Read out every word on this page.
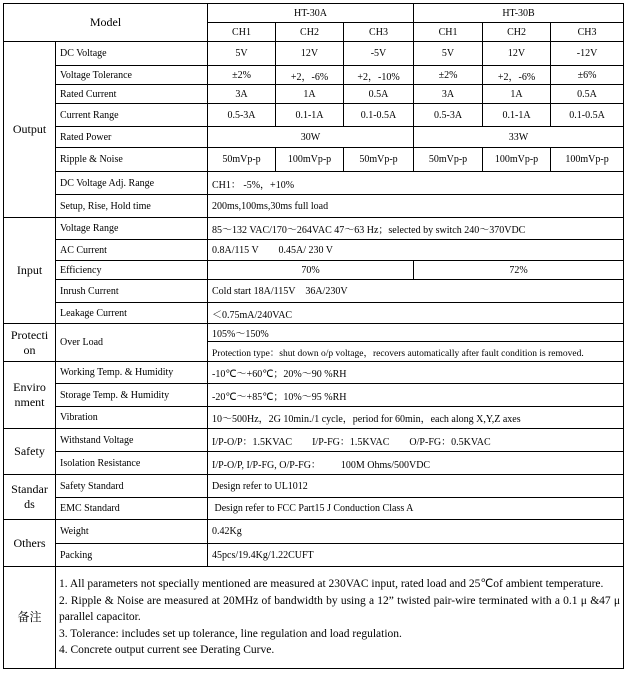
Model		HT-30A			HT-30B		
		CH1	CH2	CH3	CH1	CH2	CH3
Output	DC Voltage	5V	12V	-5V	5V	12V	-12V
	Voltage Tolerance	±2%	+2，-6%	+2，-10%	±2%	+2，-6%	±6%
	Rated Current	3A	1A	0.5A	3A	1A	0.5A
	Current Range	0.5-3A	0.1-1A	0.1-0.5A	0.5-3A	0.1-1A	0.1-0.5A
	Rated Power	30W			33W		
	Ripple & Noise	50mVp-p	100mVp-p	50mVp-p	50mVp-p	100mVp-p	100mVp-p
	DC Voltage Adj. Range	CH1： -5%，+10%					
	Setup, Rise, Hold time	200ms,100ms,30ms full load					
Input	Voltage Range	85～132 VAC/170～264VAC 47～63 Hz；selected by switch 240～370VDC					
	AC Current	0.8A/115 V        0.45A/ 230 V					
	Efficiency	70%			72%		
	Inrush Current	Cold start 18A/115V    36A/230V					
	Leakage Current	＜0.75mA/240VAC					
Protecti
on	Over Load	105%～150%					
		Protection type：shut down o/p voltage，recovers automatically after fault condition is removed.					
Enviro
nment	Working Temp. & Humidity	-10℃～+60℃；20%～90 %RH					
	Storage Temp. & Humidity	-20℃～+85℃；10%～95 %RH					
	Vibration	10～500Hz，2G 10min./1 cycle，period for 60min，each along X,Y,Z axes					
Safety	Withstand Voltage	I/P-O/P：1.5KVAC        I/P-FG：1.5KVAC        O/P-FG：0.5KVAC					
	Isolation Resistance	I/P-O/P, I/P-FG, O/P-FG：        100M Ohms/500VDC					
Standar
ds	Safety Standard	Design refer to UL1012					
	EMC Standard	Design refer to FCC Part15 J Conduction Class A					
Others	Weight	0.42Kg					
	Packing	45pcs/19.4Kg/1.22CUFT					
备注	1. All parameters not specially mentioned are measured at 230VAC input, rated load and 25℃of ambient temperature.
2. Ripple & Noise are measured at 20MHz of bandwidth by using a 12” twisted pair-wire terminated with a 0.1 μ &47 μ parallel capacitor.
3. Tolerance: includes set up tolerance, line regulation and load regulation.
4. Concrete output current see Derating Curve.						
